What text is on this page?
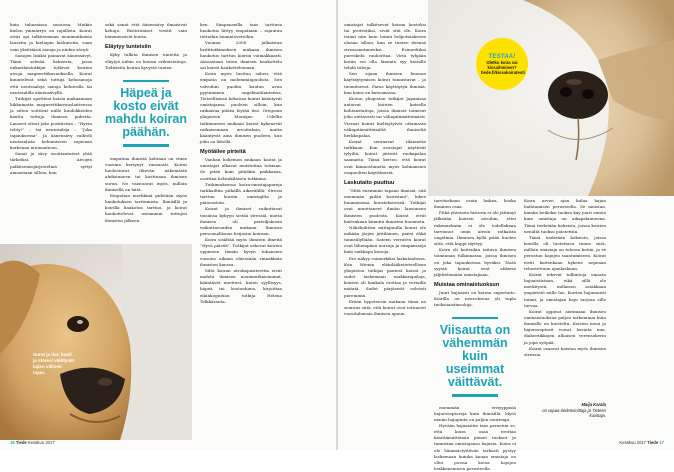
kuin tuhansissa sanoissa. Muikin kielen ymmärrys on rajallista. Koirat eivät opi tulkitsemaan monimutkaisia lauseita ja kieliopin kiekuroita, vaan vain yksittäisiä sanoja ja niiden sävyä.

Sanojen lisäksi painavat äänensävyt. Tämä selviää kokeesta, jossa unkarilaistutkijat tutkivat koirien aivoja magneettikuvauksella. Koirat kuuntelivat sekä tuttuja kehusanoja että neutraaleja sanoja kehuvalla tai neutraalilla äänensävyllä.

Tutkijat opettivat koiria makaamaan liikkumatta magneettikuvauslaitteessa ja sitten soittivat niille kuulokkeiden kautta tuttuja ihmisen puhetta. Lauseet olivat joko positiivisia – ”Hyvin tehty!” – tai neutraaleja – ”Joka tapauksessa”. Ja äänensävy vaihteli neutraalista kehumiseen sopivaan korkeaan intonaatioon.

Sanat ja sävy osoittautuivat yhtä tärkeiksi. Aivojen palkitsemisjärjestelmä syttyi ainoastaan silloin, kun

sekä sanat että äänensävy ilmaisivat kehuja. Ristiriitaiset viestit vain hämmensivät koiria.

Eläytyy tunteisiin

Kyky tulkita ihmisen tunteita ja eläytyä niihin on koiran erikoistaitoja. Todisteita koiran kyvystä tuntea

Häpeä ja kosto eivät mahdu koiran päähän.

empatiaa ihmistä kohtaan on viime vuosina kertynyt runsaasti. Koirat huolestuvat itkevän näkemästä ahdistuneen tai koettuaan ihmisen surun. Ne vaistoavat myös, milloin ihmisellä on hätä.

Empatian merkkinä pidetään myös haukotuksen tarttumista. Ihmisillä ja koirilla haukotus tarttuu, ja koirat haukottelevat useammin tuttujen ihmisten jälkeen.

ken. Simpanseilla taas tarttuva haukotus liittyy empatiaan – rajautuu tuttuihin laumatovereihin.

Vuonna 2008 julkaistun brittitutkimuksen mukaan ihmisen haukotus tarttuu koiriin voimakkaasti. Ainoastaan tutun ihmisen haukottelu sai koirat haukottelemaan.

Koira myös luottaa siihen, että empatia on molemminpuolista. Sen valvoihin puoliin kuuluu avun pyytäminen ongelmatilanteissa. Tieteellisissä kokeissa koirat kääntyvät omistajansa puoleen silloin, kun ratkaisua pitäisi löytää itse. Oregonin yliopiston Monique Udellin tutkimusten mukaan koirat kykenevät ratkaisemaan arvoituksia, mutta kääntyvät aina ihmisen puoleen, kun joku on lähellä.

Myötäilee pirteitä

Vanhan hokemon mukaan koirat ja omistajat alkavat muistuttaa toisiaan. Se pitää kuin pitääkin paikkansa, osoittaa helsinkiläisen tutkimus.

Tutkimuksessa koira-omistajapareja tarkkailtiin pitkällä aikavälillä. Stressi tarttuu koiriin omistajilta ja päinvastoin.

Koirat ja ihmiset vaikuttavat toisiinsa kykyyn sietää stressiä, mutta ihmisen oli pariviljakosta vaikuttavuuden mukaan. Ihmisen persoonallisuus heijastui koiraan.

Koira sisältää myös ihmisen ilmeitä ”Hyvä päivää”. Tutkijat uskovat koirien oppineen tämän kyvyn tuhansien vuosien aikana eläessään rinnakkain ihmisten kanssa.

Siltä koiran aivokapasiteettia eivät mahdu ihmisen monimutkaisimmat, kääntävät mietteet, kuten syyllisyys, häpeä tai kostonhimo, kirjoittaa eläinkognition tutkija Helena Telkkäranta.

Surut ja ilot, huoli ja stressi välittyvät lajien välisen rajan.
16 Tiede Kesäkuu 2017

omistajat tulkitsevat koiran kostoksi tai protestiksi, eivät sitä ole. Koira toimii niin kuin toimii helpottaakseen oloaan silloin, kun se tuntee itsensä stressaantuneeksi. Esimerkiksi pureskelu rauhoittaa. Virta tyhjään kotiin voi olla lämmin syy koiralle tehdä tuhoja.

Sen sijaan ihmisen huonon käyttäytymisen koirat tunnistavat – ja tuomitsevat. Paras käyttäytyä ihmisiä, kun koira on katsomassa.

Kioton yliopiston tutkijat Japanissa antoivat koirien katsella kohtaustaitoja, joissa ihmiset toimivat joko auttavasti tai välinpitämättömästi. Vieraat koirat kieltäytyivät ottamasta välinpitämättömältä ihmiseltä herkkupalaa.

Koirat seuraavat tilannetta tarkkaan. Kun avustajat näyttivät tylyiltä, koirat jättivät ruokapalan saamatta. Tämä kertoo, että koirat ovat kiinnostuneita myös kolmansien osapuolten käytöksestä.

Laskutaito puuttuu

”Mitä enemmän tapaan ihmisiä, sitä enemmän pidän koiristani”, lukee buumeisissa kuvateksteissä. Tutkijat ovat muuttaneet ilmiön lausuneen ihmisten puolesta. Koirat eivät kuitenkaan kiinnitä ihmisten huomiota.

Näkökohtien mittapuulla koirat ole mikään järjen jättiläinen, paitsi ehkä tunneälyltään. Sateen verraten koirat ovat lähempänä norsuja ja simpansseja kuin vaikkapa kissoja.

Ero näkyy esimerkiksi laskutaidossa. Kun Wienin eläinlääketieteellisen yliopiston tutkijat panivat koirat ja sudet laskemaan makkarapaloja, koirien oli hankala erottaa ja vertailla määriä. Sudet pärjäsivät selvästi paremmin.

Erään hypoteesin mukaan tämä on seuraus siitä, että koirat ovat tottuneet vuosituhansia ihmisen apuun.

TESTAA!
Oletko koira vai kissaihminen? tiede.fi/kissakoiratesti

tarvitsekaan osata laskea, koska ihminen osaa.

Pitkä yhteinen historia ei ole jättänyt jälkeään koirien aivoihin, ettei rakennelmiin ei ole todellakaan tarvinnut omin aivoin ratkaista ongelmia. Ihminen kyllä pitää huolen siitä, että kuppi täyttyy.

Koira oli kuitenkin taitava ihmisen toiminnan tulkinnassa, joissa ihmisen on joka tapauksessa hyväksi. Tästä syystä koirat ovat ahkeria jäljittelemään omistajiaan.

Muistaa ominaistuoksun

Juuri hajuaisti on koiran supertaito. Koirilla on neuvoksena yli tupla tuoksuaistinsoluja.

Viisautta on vähemmän kuin useimmat väittävät.

enemmän erityyppisiä hajureseptoreja kuin ihmisillä. Myös nenän hajupinta on paljon suurempi.

Hyvään hajuaistiin taas perustuu se, että koira osaa erottaa käsittämättömän pienet tuoksut ja tunnistaa omistajansa hajusta. Koira ei ole hämmästyttävän tarkasti pystyy laskemaan kuinka kauan omistaja on ollut poissa kotoa hajujen heikkenemisen perusteella.

Koira arvioi ajan kulua hajun haihtumisen perusteella. Se muistaa, kuinka heikoksi tuoksu käy juuri ennen kuin omistaja on aikapalanneena. Tämä tiedetään kokeista, joissa koirien nenältä tuoksu poistettiin.

Tämä tiedetään kokeista, joissa koirilla oli luotettava tunne siitä, milloin omistaja on tulossa kotiin, ja se perustuu hajujen taantumiseen. Koirat eivät kuitenkaan kykene nopeaan tehostettuun ajanlaskuun.

Koirat tekevät tulkintoja omasta hajuaististaan, eikä sillä ole merkitystä, millaisen asiakkaan ympäristö niille luo. Koirien hajumuisti toimii, ja omistajan haju tarjoaa sille turvaa.

Koirat oppivat aistimaan ihmisen ominaistuoksua paljon tarkemmin kuin ihmisille on kuviteltu. Koirien nenä ja hajureseptorit voivat havaita mm. diabeetikkojen alhaisen verensokerin ja jopa syöpää.

Koirat osaavat haistaa myös ihmisen stressin.

Maija Karala
on vapaa tiedetoimittaja ja Tieteen kuvittaja.
Kesäkuu 2017 Tiede 17
